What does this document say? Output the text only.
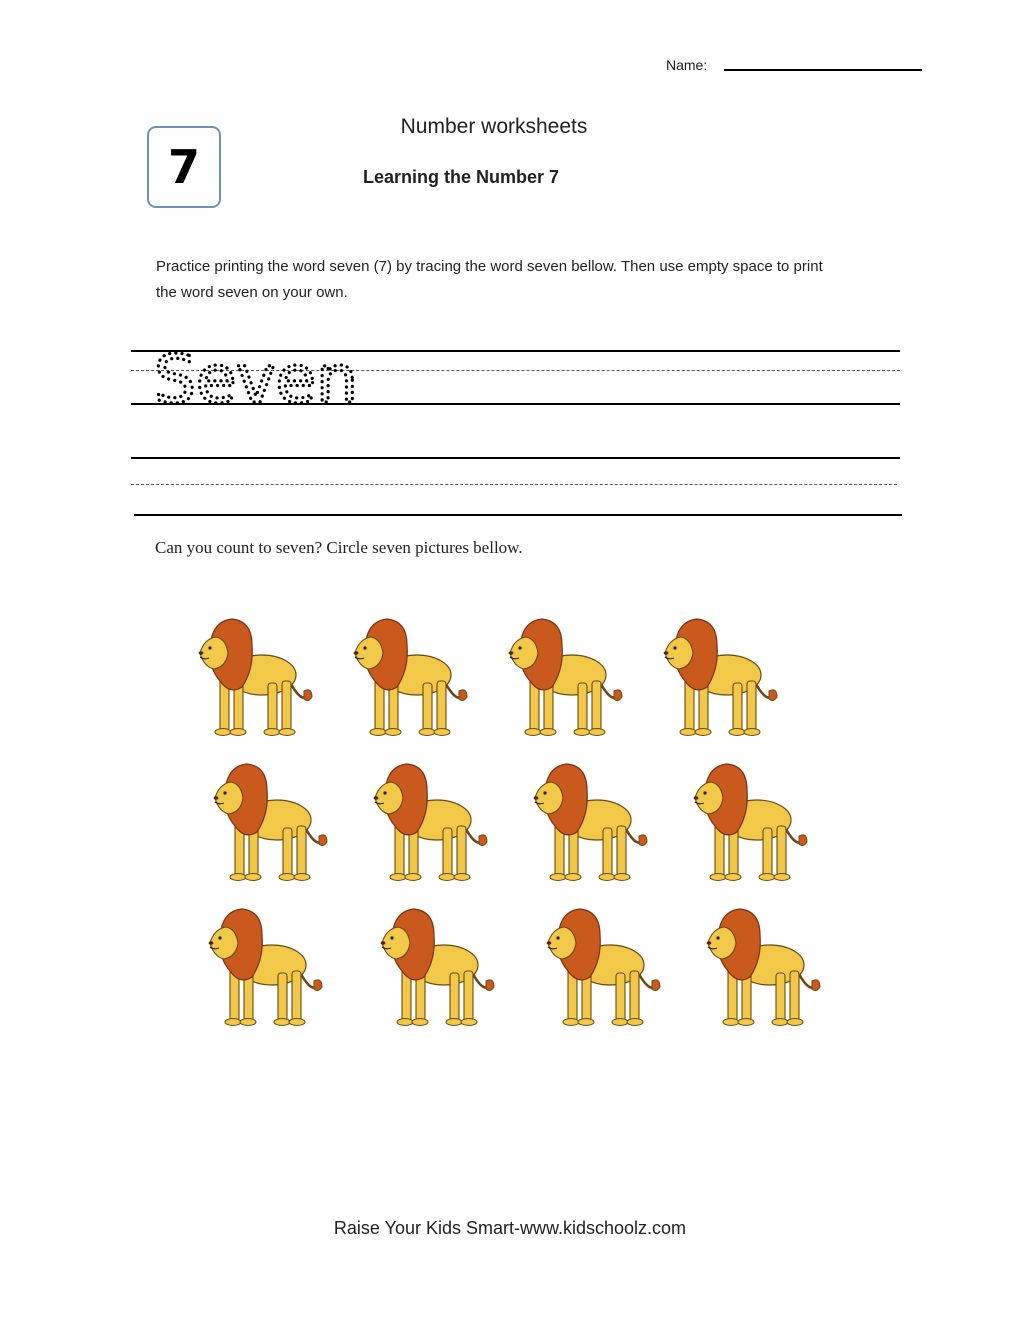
Name:
7
Number worksheets
Learning the Number 7
Practice printing the word seven (7) by tracing the word seven bellow. Then use empty space to print the word seven on your own.
Seven
Can you count to seven? Circle seven pictures bellow.
Raise Your Kids Smart-www.kidschoolz.com
